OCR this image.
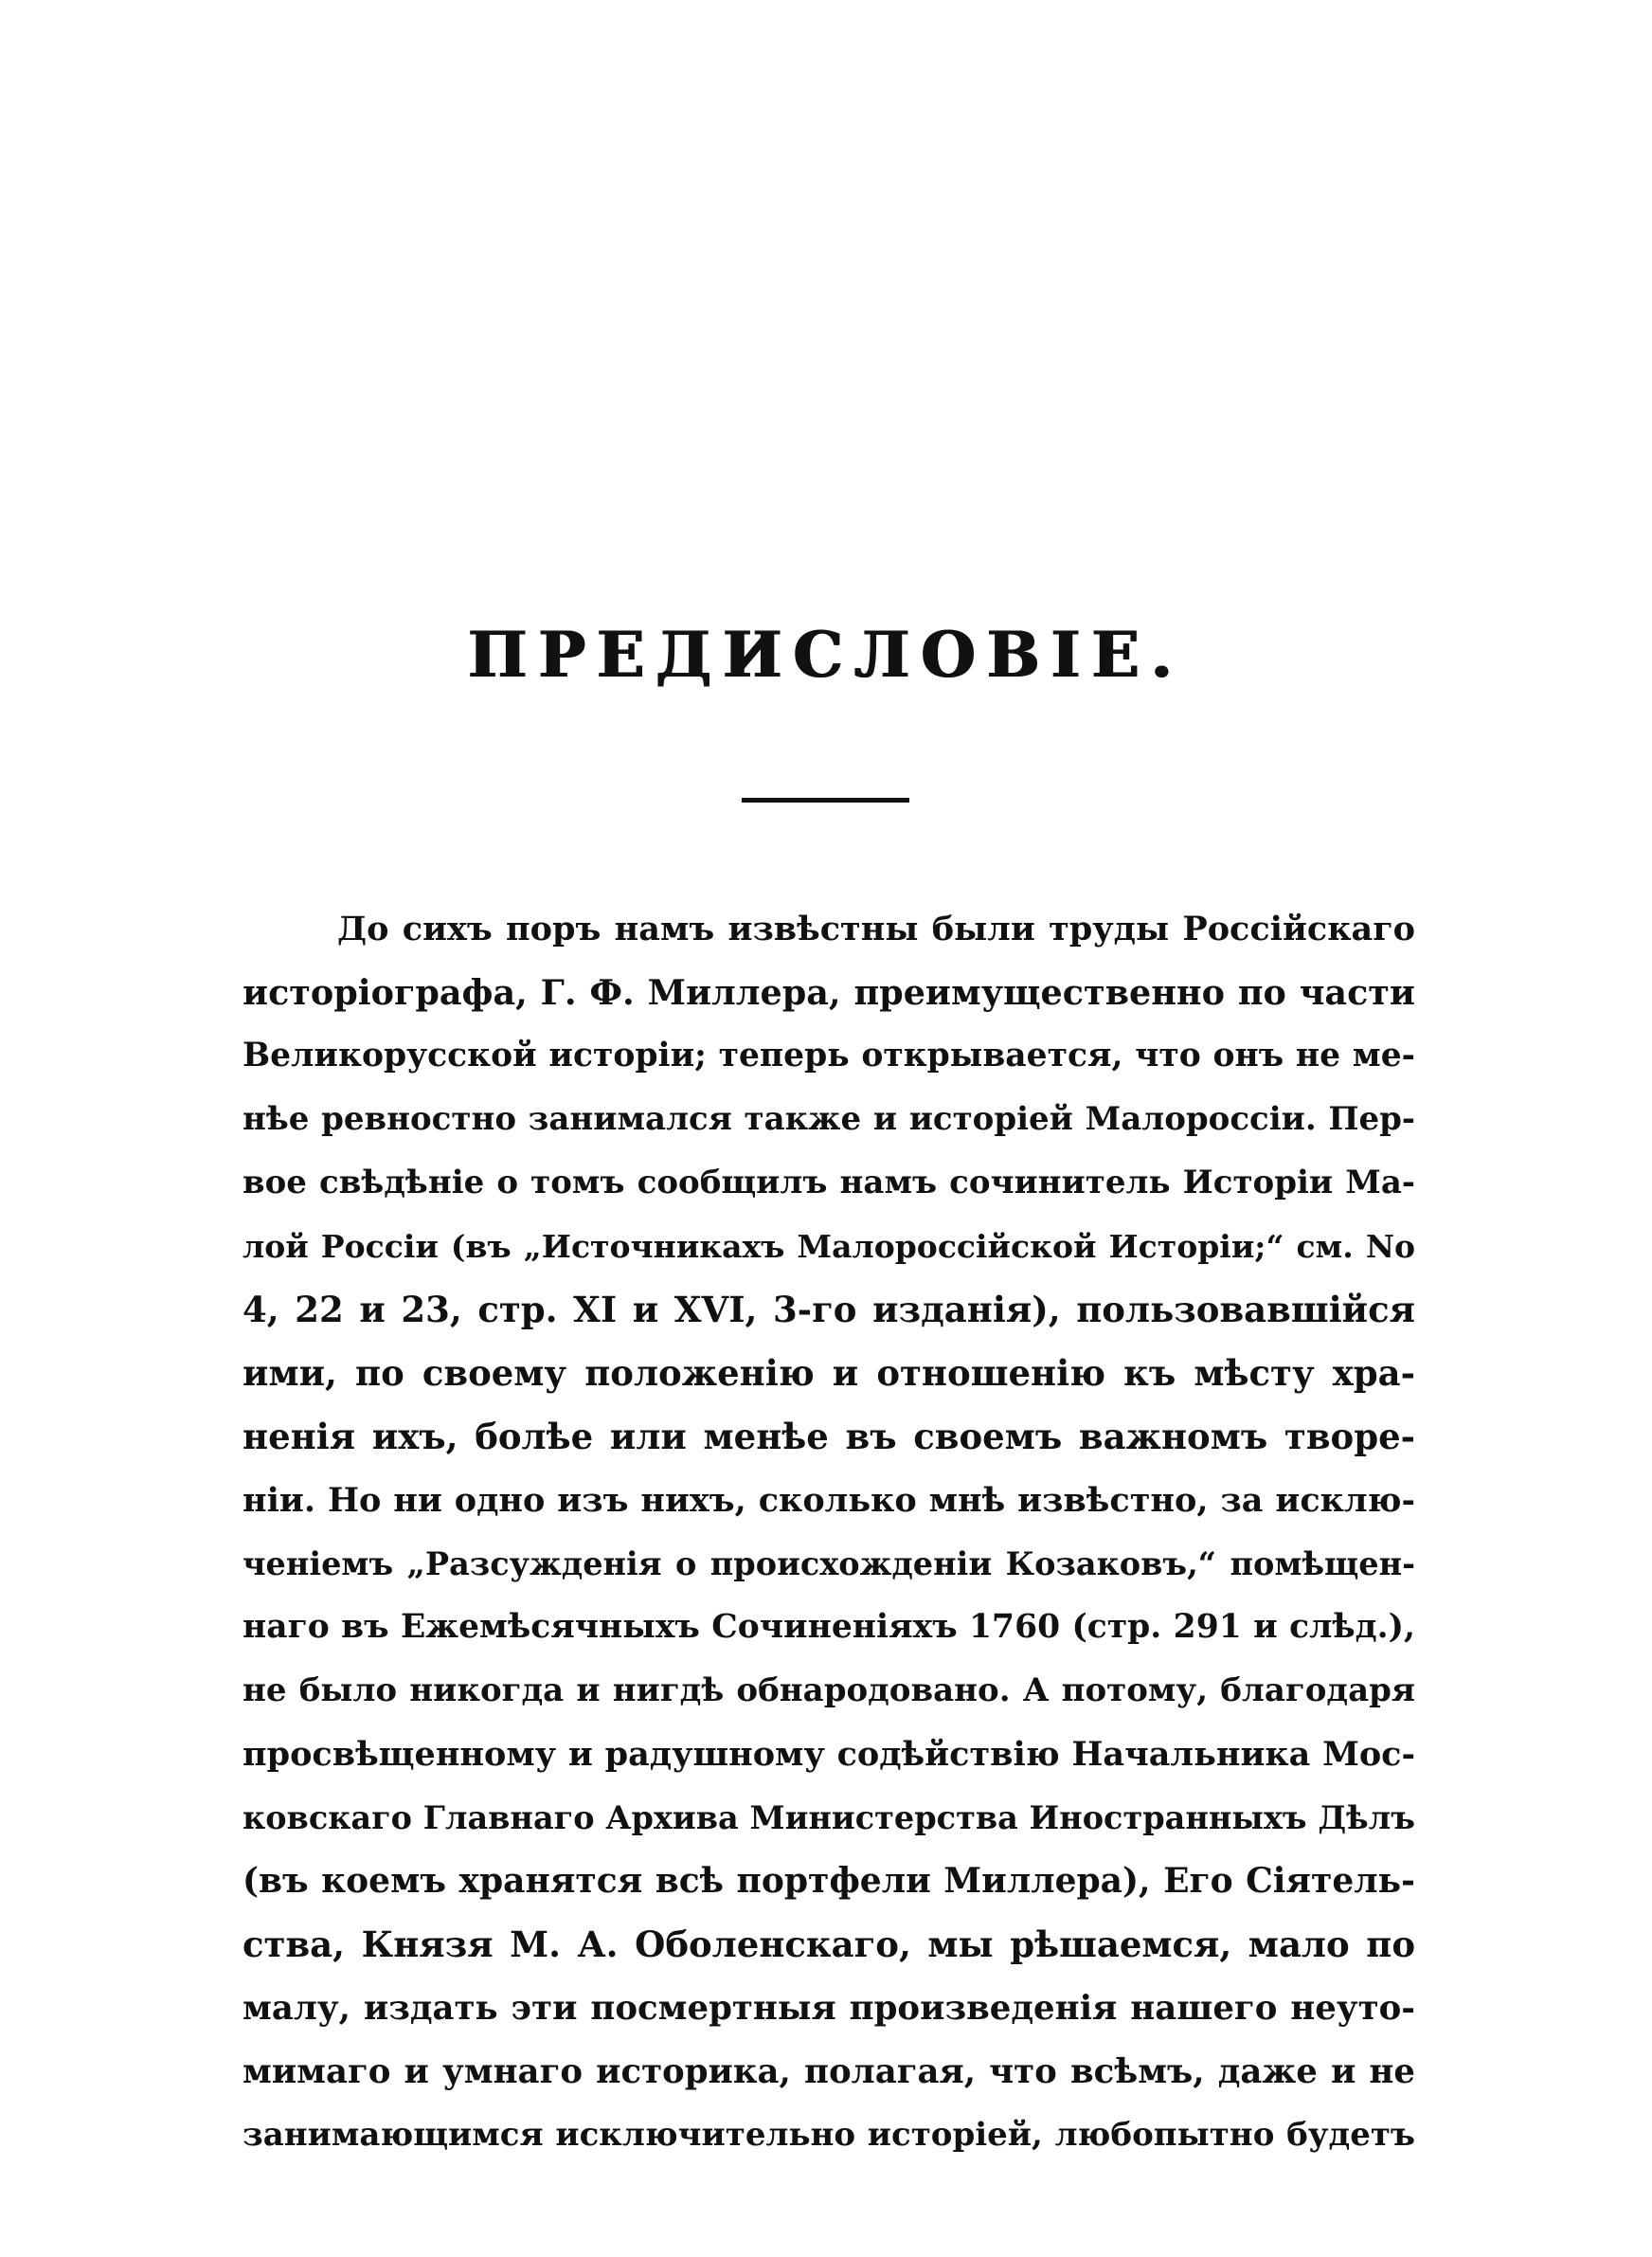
ПРЕДИСЛОВІЕ.
До сихъ поръ намъ извѣстны были труды Россійскаго
исторіографа, Г. Ф. Миллера, преимущественно по части
Великорусской исторіи; теперь открывается, что онъ не ме-
нѣе ревностно занимался также и исторіей Малороссіи. Пер-
вое свѣдѣніе о томъ сообщилъ намъ сочинитель Исторіи Ма-
лой Россіи (въ „Источникахъ Малороссійской Исторіи;“ см. No
4, 22 и 23, стр. XI и XVI, 3-го изданія), пользовавшійся
ими, по своему положенію и отношенію къ мѣсту хра-
ненія ихъ, болѣе или менѣе въ своемъ важномъ творе-
ніи. Но ни одно изъ нихъ, сколько мнѣ извѣстно, за исклю-
ченіемъ „Разсужденія о происхожденіи Козаковъ,“ помѣщен-
наго въ Ежемѣсячныхъ Сочиненіяхъ 1760 (стр. 291 и слѣд.),
не было никогда и нигдѣ обнародовано. А потому, благодаря
просвѣщенному и радушному содѣйствію Начальника Мос-
ковскаго Главнаго Архива Министерства Иностранныхъ Дѣлъ
(въ коемъ хранятся всѣ портфели Миллера), Его Сіятель-
ства, Князя М. А. Оболенскаго, мы рѣшаемся, мало по
малу, издать эти посмертныя произведенія нашего неуто-
мимаго и умнаго историка, полагая, что всѣмъ, даже и не
занимающимся исключительно исторіей, любопытно будетъ
